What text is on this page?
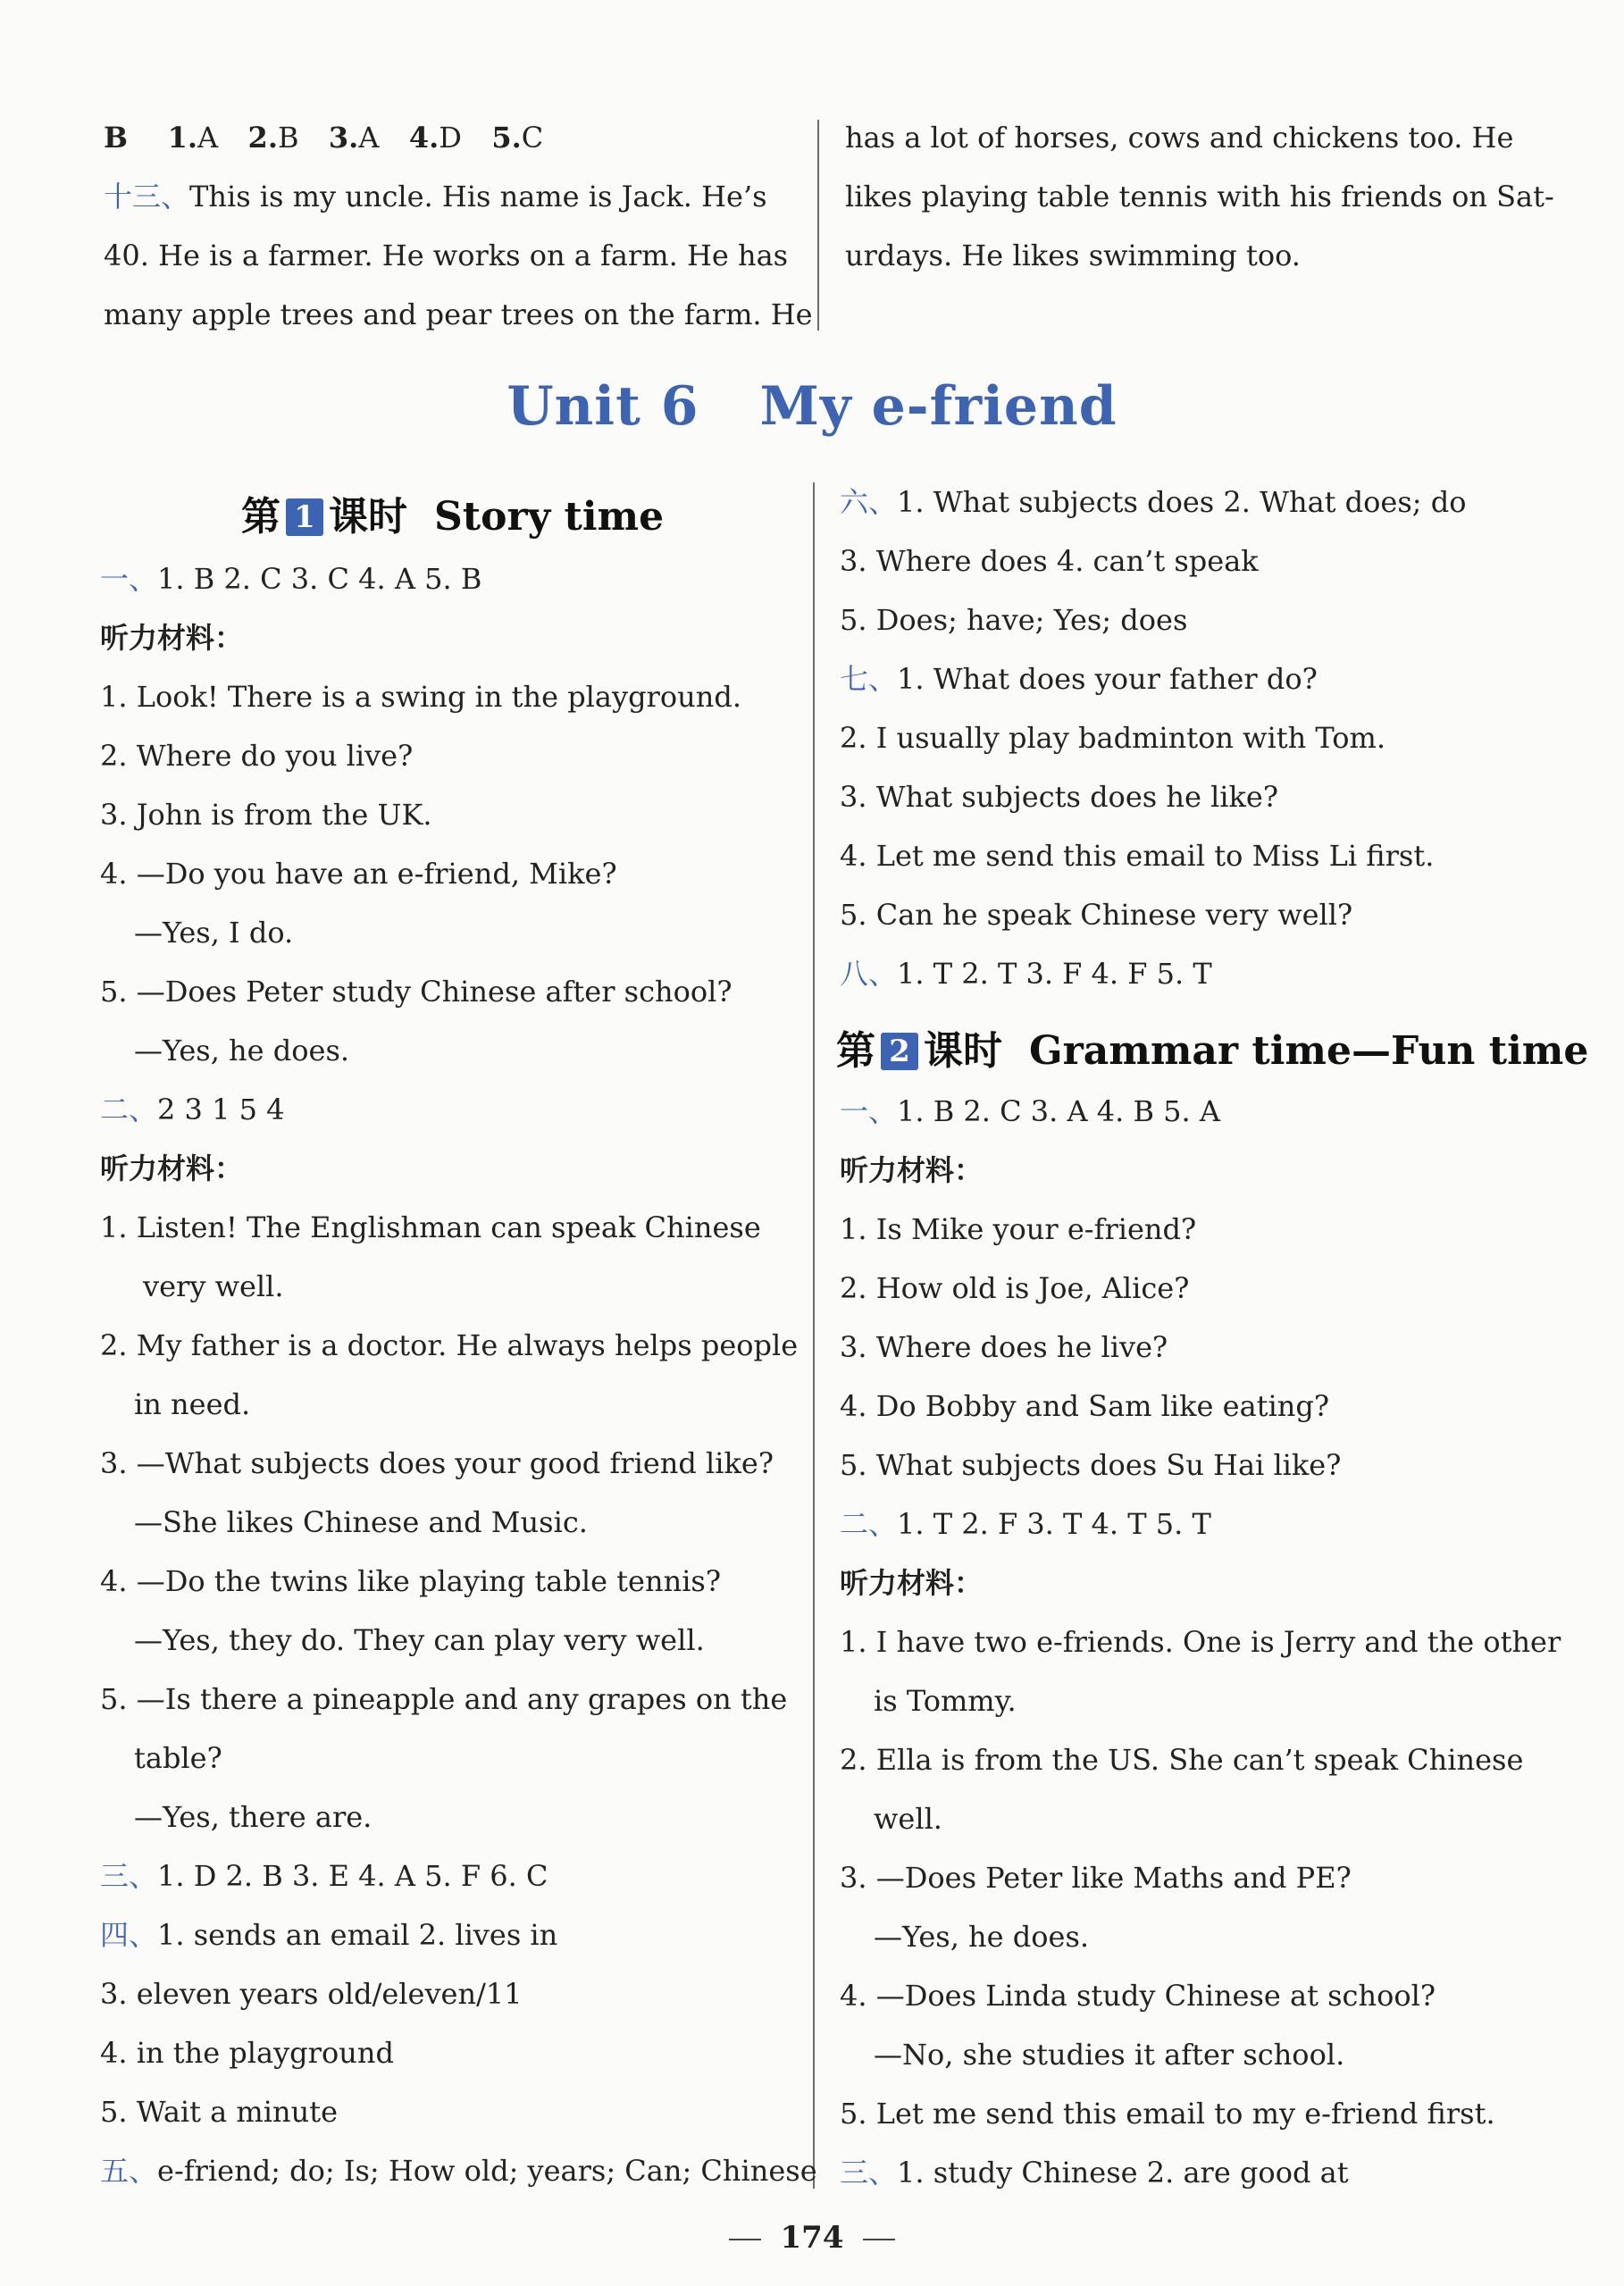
B 1.A 2.B 3.A 4.D 5.C
十三、This is my uncle. His name is Jack. He’s
40. He is a farmer. He works on a farm. He has
many apple trees and pear trees on the farm. He
has a lot of horses, cows and chickens too. He
likes playing table tennis with his friends on Sat-
urdays. He likes swimming too.
Unit 6 My e-friend
第 1 课时 Story time
一、1. B 2. C 3. C 4. A 5. B
听力材料：
1. Look! There is a swing in the playground.
2. Where do you live?
3. John is from the UK.
4. —Do you have an e-friend, Mike?
—Yes, I do.
5. —Does Peter study Chinese after school?
—Yes, he does.
二、2 3 1 5 4
听力材料：
1. Listen! The Englishman can speak Chinese
very well.
2. My father is a doctor. He always helps people
in need.
3. —What subjects does your good friend like?
—She likes Chinese and Music.
4. —Do the twins like playing table tennis?
—Yes, they do. They can play very well.
5. —Is there a pineapple and any grapes on the
table?
—Yes, there are.
三、1. D 2. B 3. E 4. A 5. F 6. C
四、1. sends an email 2. lives in
3. eleven years old/eleven/11
4. in the playground
5. Wait a minute
五、e-friend; do; Is; How old; years; Can; Chinese
六、1. What subjects does 2. What does; do
3. Where does 4. can’t speak
5. Does; have; Yes; does
七、1. What does your father do?
2. I usually play badminton with Tom.
3. What subjects does he like?
4. Let me send this email to Miss Li first.
5. Can he speak Chinese very well?
八、1. T 2. T 3. F 4. F 5. T
第 2 课时 Grammar time—Fun time
一、1. B 2. C 3. A 4. B 5. A
听力材料：
1. Is Mike your e-friend?
2. How old is Joe, Alice?
3. Where does he live?
4. Do Bobby and Sam like eating?
5. What subjects does Su Hai like?
二、1. T 2. F 3. T 4. T 5. T
听力材料：
1. I have two e-friends. One is Jerry and the other
is Tommy.
2. Ella is from the US. She can’t speak Chinese
well.
3. —Does Peter like Maths and PE?
—Yes, he does.
4. —Does Linda study Chinese at school?
—No, she studies it after school.
5. Let me send this email to my e-friend first.
三、1. study Chinese 2. are good at
174
